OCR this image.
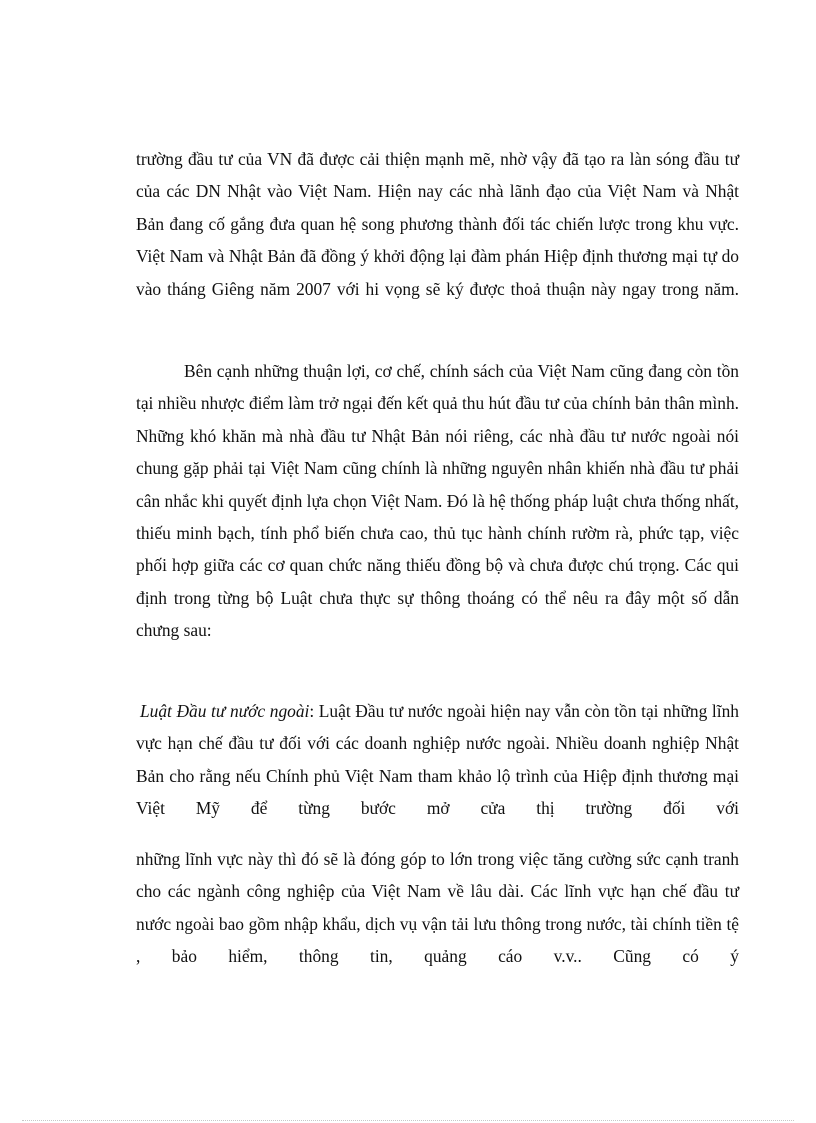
trường đầu tư của VN đã được cải thiện mạnh mẽ, nhờ vậy đã tạo ra làn sóng đầu tư của các DN Nhật vào Việt Nam. Hiện nay các nhà lãnh đạo của Việt Nam và Nhật Bản đang cố gắng đưa quan hệ song phương thành đối tác chiến lược trong khu vực. Việt Nam và Nhật Bản đã đồng ý khởi động lại đàm phán Hiệp định thương mại tự do vào tháng Giêng năm 2007 với hi vọng sẽ ký được thoả thuận này ngay trong năm.

Bên cạnh những thuận lợi, cơ chế, chính sách của Việt Nam cũng đang còn tồn tại nhiều nhược điểm làm trở ngại đến kết quả thu hút đầu tư của chính bản thân mình. Những khó khăn mà nhà đầu tư Nhật Bản nói riêng, các nhà đầu tư nước ngoài nói chung gặp phải tại Việt Nam cũng chính là những nguyên nhân khiến nhà đầu tư phải cân nhắc khi quyết định lựa chọn Việt Nam. Đó là hệ thống pháp luật chưa thống nhất, thiếu minh bạch, tính phổ biến chưa cao, thủ tục hành chính rườm rà, phức tạp, việc phối hợp giữa các cơ quan chức năng thiếu đồng bộ và chưa được chú trọng. Các qui định trong từng bộ Luật chưa thực sự thông thoáng có thể nêu ra đây một số dẫn chưng sau:

Luật Đầu tư nước ngoài: Luật Đầu tư nước ngoài hiện nay vẫn còn tồn tại những lĩnh vực hạn chế đầu tư đối với các doanh nghiệp nước ngoài. Nhiều doanh nghiệp Nhật Bản cho rằng nếu Chính phủ Việt Nam tham khảo lộ trình của Hiệp định thương mại Việt Mỹ để từng bước mở cửa thị trường đối với

những lĩnh vực này thì đó sẽ là đóng góp to lớn trong việc tăng cường sức cạnh tranh cho các ngành công nghiệp của Việt Nam về lâu dài. Các lĩnh vực hạn chế đầu tư nước ngoài bao gồm nhập khẩu, dịch vụ vận tải lưu thông trong nước, tài chính tiền tệ , bảo hiểm, thông tin, quảng cáo v.v.. Cũng có ý
